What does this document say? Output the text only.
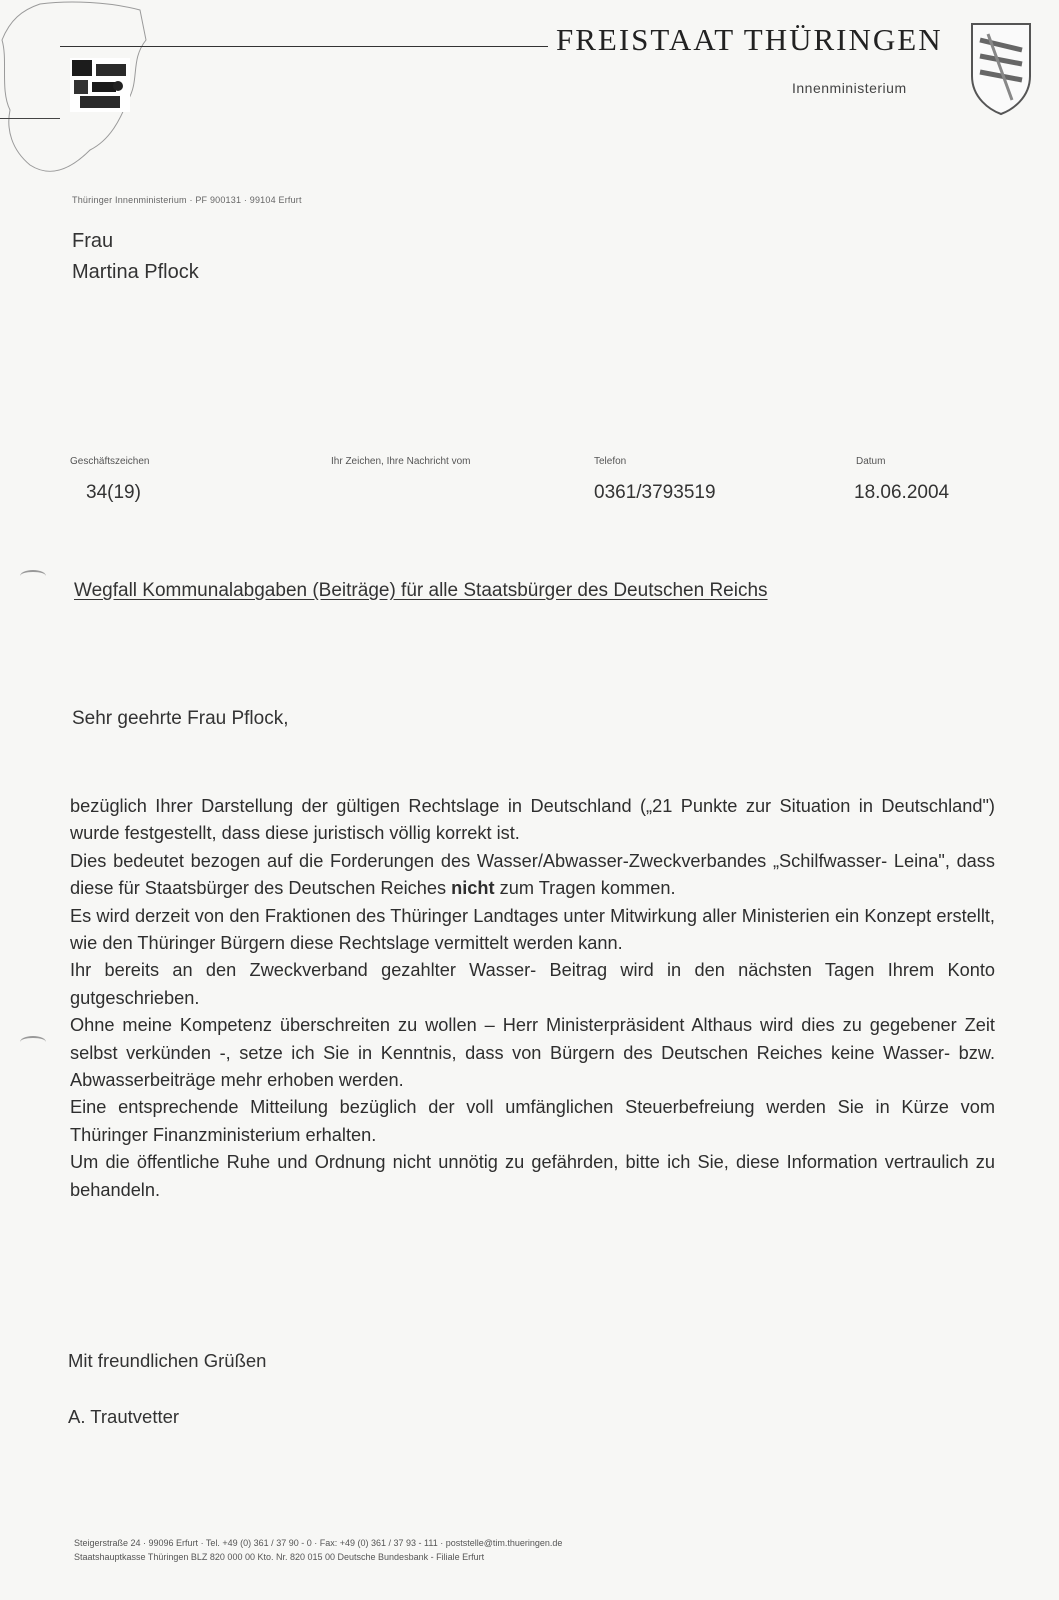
FREISTAAT THÜRINGEN
Innenministerium
Thüringer Innenministerium · PF 900131 · 99104 Erfurt
Frau
Martina Pflock
Geschäftszeichen
34(19)
Ihr Zeichen, Ihre Nachricht vom	Telefon
0361/3793519
Datum
18.06.2004
Wegfall Kommunalabgaben (Beiträge) für alle Staatsbürger des Deutschen Reichs
Sehr geehrte Frau Pflock,

bezüglich Ihrer Darstellung der gültigen Rechtslage in Deutschland („21 Punkte zur Situation in Deutschland") wurde festgestellt, dass diese juristisch völlig korrekt ist.

Dies bedeutet bezogen auf die Forderungen des Wasser/Abwasser-Zweckverbandes „Schilfwasser- Leina", dass diese für Staatsbürger des Deutschen Reiches nicht zum Tragen kommen.

Es wird derzeit von den Fraktionen des Thüringer Landtages unter Mitwirkung aller Ministerien ein Konzept erstellt, wie den Thüringer Bürgern diese Rechtslage vermittelt werden kann.

Ihr bereits an den Zweckverband gezahlter Wasser- Beitrag wird in den nächsten Tagen Ihrem Konto gutgeschrieben.

Ohne meine Kompetenz überschreiten zu wollen – Herr Ministerpräsident Althaus wird dies zu gegebener Zeit selbst verkünden -, setze ich Sie in Kenntnis, dass von Bürgern des Deutschen Reiches keine Wasser- bzw. Abwasserbeiträge mehr erhoben werden.

Eine entsprechende Mitteilung bezüglich der voll umfänglichen Steuerbefreiung werden Sie in Kürze vom Thüringer Finanzministerium erhalten.

Um die öffentliche Ruhe und Ordnung nicht unnötig zu gefährden, bitte ich Sie, diese Information vertraulich zu behandeln.

Mit freundlichen Grüßen
A. Trautvetter
Steigerstraße 24 · 99096 Erfurt · Tel. +49 (0) 361 / 37 90 - 0 · Fax: +49 (0) 361 / 37 93 - 111 · poststelle@tim.thueringen.de
Staatshauptkasse Thüringen BLZ 820 000 00 Kto. Nr. 820 015 00 Deutsche Bundesbank - Filiale Erfurt
